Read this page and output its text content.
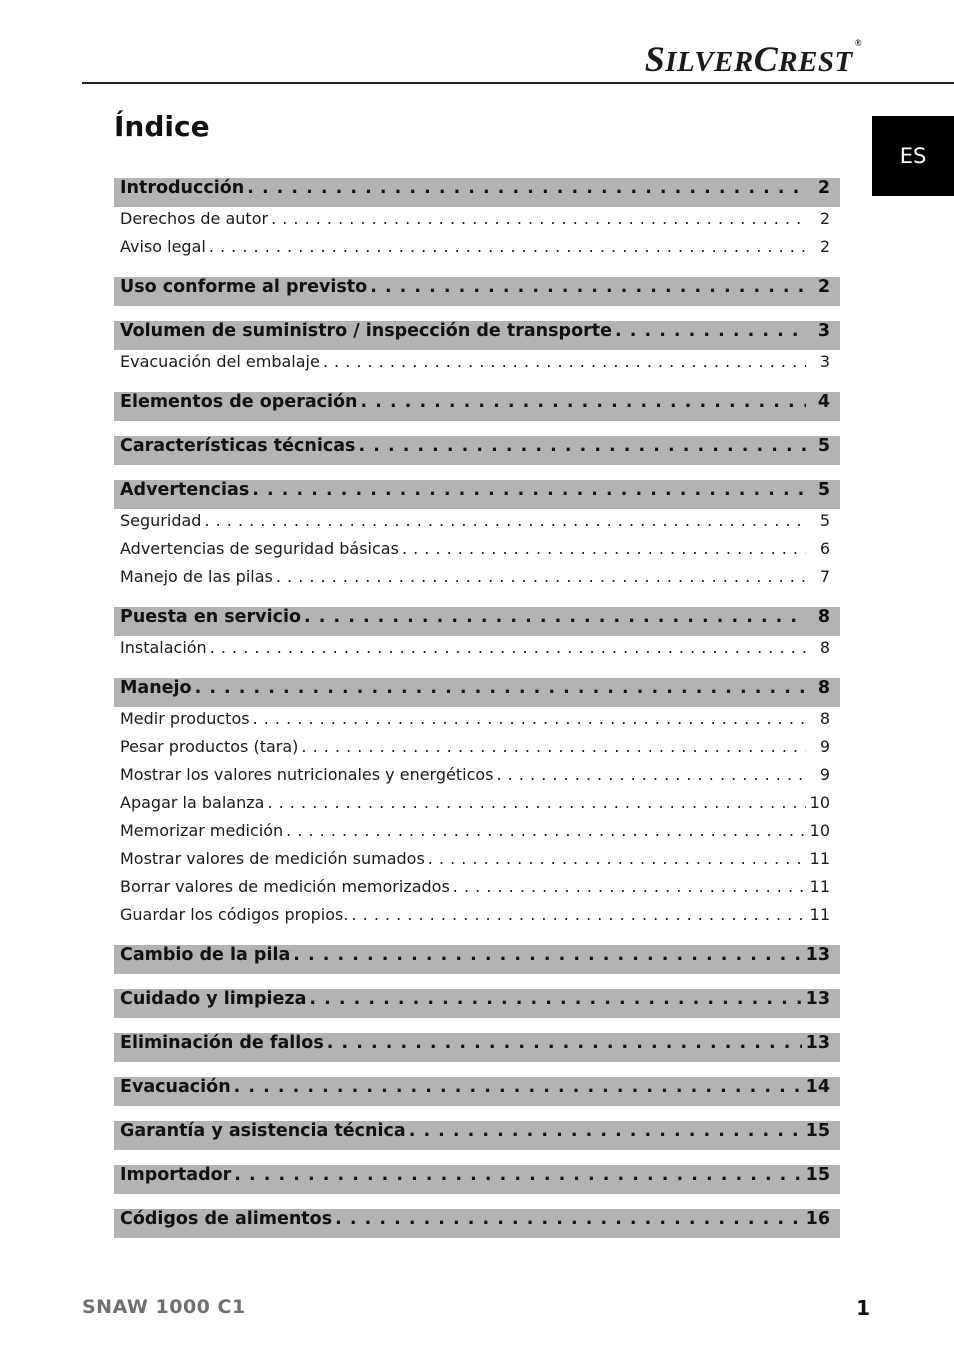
SILVERCREST®
ES
Índice
Introducción . . .	2
Derechos de autor . . .	2
Aviso legal . . .	2
Uso conforme al previsto . . .	2
Volumen de suministro / inspección de transporte . . .	3
Evacuación del embalaje . . .	3
Elementos de operación . . .	4
Características técnicas . . .	5
Advertencias . . .	5
Seguridad . . .	5
Advertencias de seguridad básicas . . .	6
Manejo de las pilas . . .	7
Puesta en servicio . . .	8
Instalación . . .	8
Manejo . . .	8
Medir productos . . .	8
Pesar productos (tara) . . .	9
Mostrar los valores nutricionales y energéticos . . .	9
Apagar la balanza . . .	10
Memorizar medición . . .	10
Mostrar valores de medición sumados . . .	11
Borrar valores de medición memorizados . . .	11
Guardar los códigos propios. . . .	11
Cambio de la pila . . .	13
Cuidado y limpieza . . .	13
Eliminación de fallos . . .	13
Evacuación . . .	14
Garantía y asistencia técnica . . .	15
Importador . . .	15
Códigos de alimentos . . .	16
SNAW 1000 C1	1
